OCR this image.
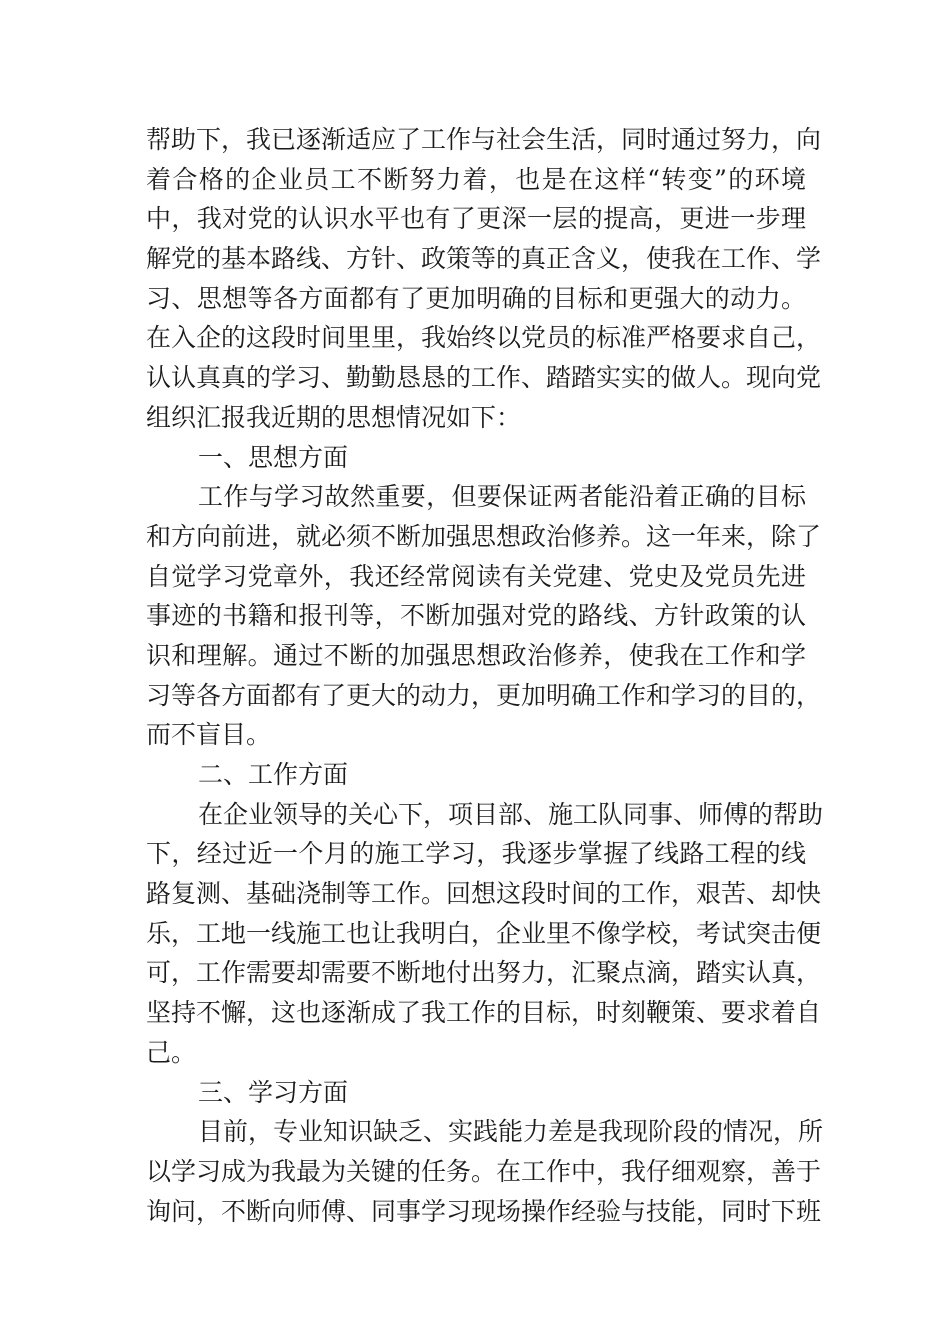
帮助下，我已逐渐适应了工作与社会生活，同时通过努力，向
着合格的企业员工不断努力着，也是在这样“转变”的环境
中，我对党的认识水平也有了更深一层的提高，更进一步理
解党的基本路线、方针、政策等的真正含义，使我在工作、学
习、思想等各方面都有了更加明确的目标和更强大的动力。
在入企的这段时间里里，我始终以党员的标准严格要求自己，
认认真真的学习、勤勤恳恳的工作、踏踏实实的做人。现向党
组织汇报我近期的思想情况如下：
一、思想方面
工作与学习故然重要，但要保证两者能沿着正确的目标
和方向前进，就必须不断加强思想政治修养。这一年来，除了
自觉学习党章外，我还经常阅读有关党建、党史及党员先进
事迹的书籍和报刊等，不断加强对党的路线、方针政策的认
识和理解。通过不断的加强思想政治修养，使我在工作和学
习等各方面都有了更大的动力，更加明确工作和学习的目的，
而不盲目。
二、工作方面
在企业领导的关心下，项目部、施工队同事、师傅的帮助
下，经过近一个月的施工学习，我逐步掌握了线路工程的线
路复测、基础浇制等工作。回想这段时间的工作，艰苦、却快
乐，工地一线施工也让我明白，企业里不像学校，考试突击便
可，工作需要却需要不断地付出努力，汇聚点滴，踏实认真，
坚持不懈，这也逐渐成了我工作的目标，时刻鞭策、要求着自
己。
三、学习方面
目前，专业知识缺乏、实践能力差是我现阶段的情况，所
以学习成为我最为关键的任务。在工作中，我仔细观察，善于
询问，不断向师傅、同事学习现场操作经验与技能，同时下班
